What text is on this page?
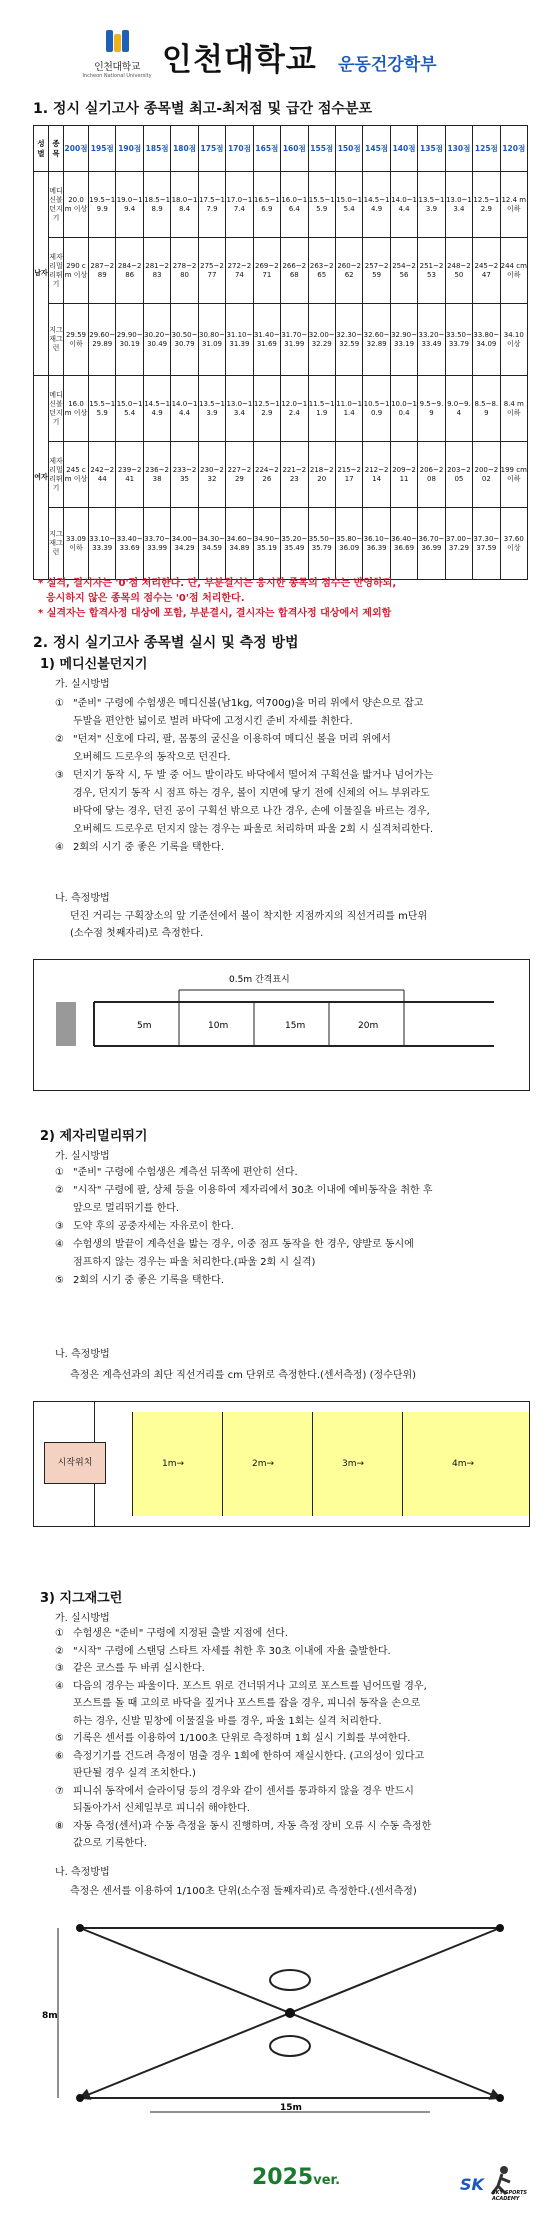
인천대학교
Incheon National University 인천대학교 운동건강학부
1. 정시 실기고사 종목별 최고-최저점 및 급간 점수분포
성별	종목	200점	195점	190점	185점	180점	175점	170점	165점	160점	155점	150점	145점	140점	135점	130점	125점	120점
남자	메디신볼던지기	20.0 m 이상	19.5~19.9	19.0~19.4	18.5~18.9	18.0~18.4	17.5~17.9	17.0~17.4	16.5~16.9	16.0~16.4	15.5~15.9	15.0~15.4	14.5~14.9	14.0~14.4	13.5~13.9	13.0~13.4	12.5~12.9	12.4 m 이하
	제자리멀리뛰기	290 cm 이상	287~289	284~286	281~283	278~280	275~277	272~274	269~271	266~268	263~265	260~262	257~259	254~256	251~253	248~250	245~247	244 cm 이하
	지그재그런	29.59 이하	29.60~29.89	29.90~30.19	30.20~30.49	30.50~30.79	30.80~31.09	31.10~31.39	31.40~31.69	31.70~31.99	32.00~32.29	32.30~32.59	32.60~32.89	32.90~33.19	33.20~33.49	33.50~33.79	33.80~34.09	34.10 이상
여자	메디신볼던지기	16.0 m 이상	15.5~15.9	15.0~15.4	14.5~14.9	14.0~14.4	13.5~13.9	13.0~13.4	12.5~12.9	12.0~12.4	11.5~11.9	11.0~11.4	10.5~10.9	10.0~10.4	9.5~9.9	9.0~9.4	8.5~8.9	8.4 m 이하
	제자리멀리뛰기	245 cm 이상	242~244	239~241	236~238	233~235	230~232	227~229	224~226	221~223	218~220	215~217	212~214	209~211	206~208	203~205	200~202	199 cm 이하
	지그재그런	33.09 이하	33.10~33.39	33.40~33.69	33.70~33.99	34.00~34.29	34.30~34.59	34.60~34.89	34.90~35.19	35.20~35.49	35.50~35.79	35.80~36.09	36.10~36.39	36.40~36.69	36.70~36.99	37.00~37.29	37.30~37.59	37.60 이상
* 실격, 결시자는 '0'점 처리한다. 단, 부분결시는 응시한 종목의 점수는 반영하되,
응시하지 않은 종목의 점수는 '0'점 처리한다.
* 실격자는 합격사정 대상에 포함, 부분결시, 결시자는 합격사정 대상에서 제외함
2. 정시 실기고사 종목별 실시 및 측정 방법
1) 메디신볼던지기
가. 실시방법
① "준비" 구령에 수험생은 메디신볼(남1kg, 여700g)을 머리 위에서 양손으로 잡고
두발을 편안한 넓이로 벌려 바닥에 고정시킨 준비 자세를 취한다.
② "던져" 신호에 다리, 팔, 몸통의 굴신을 이용하여 메디신 볼을 머리 위에서
오버헤드 드로우의 동작으로 던진다.
③ 던지기 동작 시, 두 발 중 어느 발이라도 바닥에서 떨어져 구획선을 밟거나 넘어가는
경우, 던지기 동작 시 점프 하는 경우, 볼이 지면에 닿기 전에 신체의 어느 부위라도
바닥에 닿는 경우, 던진 공이 구획선 밖으로 나간 경우, 손에 이물질을 바르는 경우,
오버헤드 드로우로 던지지 않는 경우는 파울로 처리하며 파울 2회 시 실격처리한다.
④ 2회의 시기 중 좋은 기록을 택한다.
나. 측정방법
던진 거리는 구획장소의 앞 기준선에서 볼이 착지한 지점까지의 직선거리를 m단위
(소수점 첫째자리)로 측정한다.
0.5m 간격표시
5m	10m	15m	20m
2) 제자리멀리뛰기
가. 실시방법
① "준비" 구령에 수험생은 계측선 뒤쪽에 편안히 선다.
② "시작" 구령에 팔, 상체 등을 이용하여 제자리에서 30초 이내에 예비동작을 취한 후
앞으로 멀리뛰기를 한다.
③ 도약 후의 공중자세는 자유로이 한다.
④ 수험생의 발끝이 계측선을 밟는 경우, 이중 점프 동작을 한 경우, 양발로 동시에
점프하지 않는 경우는 파울 처리한다.(파울 2회 시 실격)
⑤ 2회의 시기 중 좋은 기록을 택한다.
나. 측정방법
측정은 계측선과의 최단 직선거리를 cm 단위로 측정한다.(센서측정) (정수단위)
시작위치	1m→	2m→	3m→	4m→
3) 지그재그런
가. 실시방법
① 수험생은 "준비" 구령에 지정된 출발 지점에 선다.
② "시작" 구령에 스탠딩 스타트 자세를 취한 후 30초 이내에 자율 출발한다.
③ 같은 코스를 두 바퀴 실시한다.
④ 다음의 경우는 파울이다. 포스트 위로 건너뛰거나 고의로 포스트를 넘어뜨릴 경우,
포스트를 돌 때 고의로 바닥을 짚거나 포스트를 잡을 경우, 피니쉬 동작을 손으로
하는 경우, 신발 밑창에 이물질을 바를 경우, 파울 1회는 실격 처리한다.
⑤ 기록은 센서를 이용하여 1/100초 단위로 측정하며 1회 실시 기회를 부여한다.
⑥ 측정기기를 건드려 측정이 멈출 경우 1회에 한하여 재실시한다. (고의성이 있다고
판단될 경우 실격 조치한다.)
⑦ 피니쉬 동작에서 슬라이딩 등의 경우와 같이 센서를 통과하지 않을 경우 반드시
되돌아가서 신체일부로 피니쉬 해야한다.
⑧ 자동 측정(센서)과 수동 측정을 동시 진행하며, 자동 측정 장비 오류 시 수동 측정한
값으로 기록한다.
나. 측정방법
측정은 센서를 이용하여 1/100초 단위(소수점 둘째자리)로 측정한다.(센서측정)
8m
15m
2025ver.	SK	SKY SPORTS ACADEMY
